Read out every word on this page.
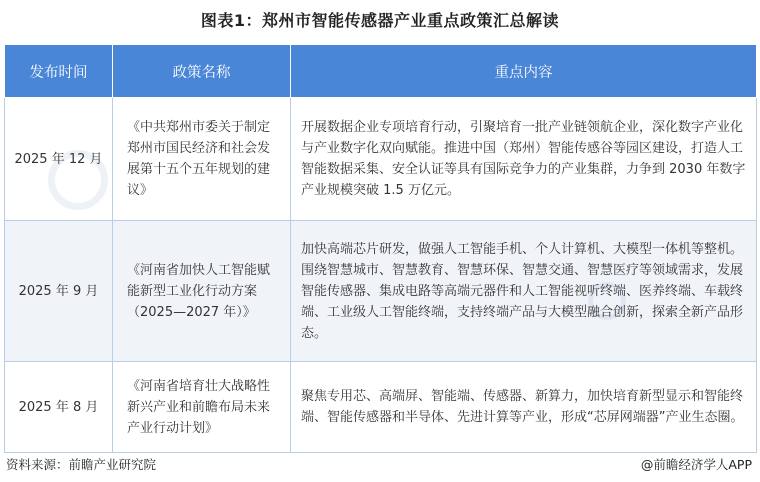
图表1：郑州市智能传感器产业重点政策汇总解读
发布时间	政策名称	重点内容
2025 年 12 月	《中共郑州市委关于制定郑州市国民经济和社会发展第十五个五年规划的建议》	开展数据企业专项培育行动，引聚培育一批产业链领航企业，深化数字产业化与产业数字化双向赋能。推进中国（郑州）智能传感谷等园区建设，打造人工智能数据采集、安全认证等具有国际竞争力的产业集群，力争到 2030 年数字产业规模突破 1.5 万亿元。
2025 年 9 月	《河南省加快人工智能赋能新型工业化行动方案（2025—2027 年）》	加快高端芯片研发，做强人工智能手机、个人计算机、大模型一体机等整机。围绕智慧城市、智慧教育、智慧环保、智慧交通、智慧医疗等领域需求，发展智能传感器、集成电路等高端元器件和人工智能视听终端、医养终端、车载终端、工业级人工智能终端，支持终端产品与大模型融合创新，探索全新产品形态。
2025 年 8 月	《河南省培育壮大战略性新兴产业和前瞻布局未来产业行动计划》	聚焦专用芯、高端屏、智能端、传感器、新算力，加快培育新型显示和智能终端、智能传感器和半导体、先进计算等产业，形成“芯屏网端器”产业生态圈。
资料来源：前瞻产业研究院	@前瞻经济学人APP
